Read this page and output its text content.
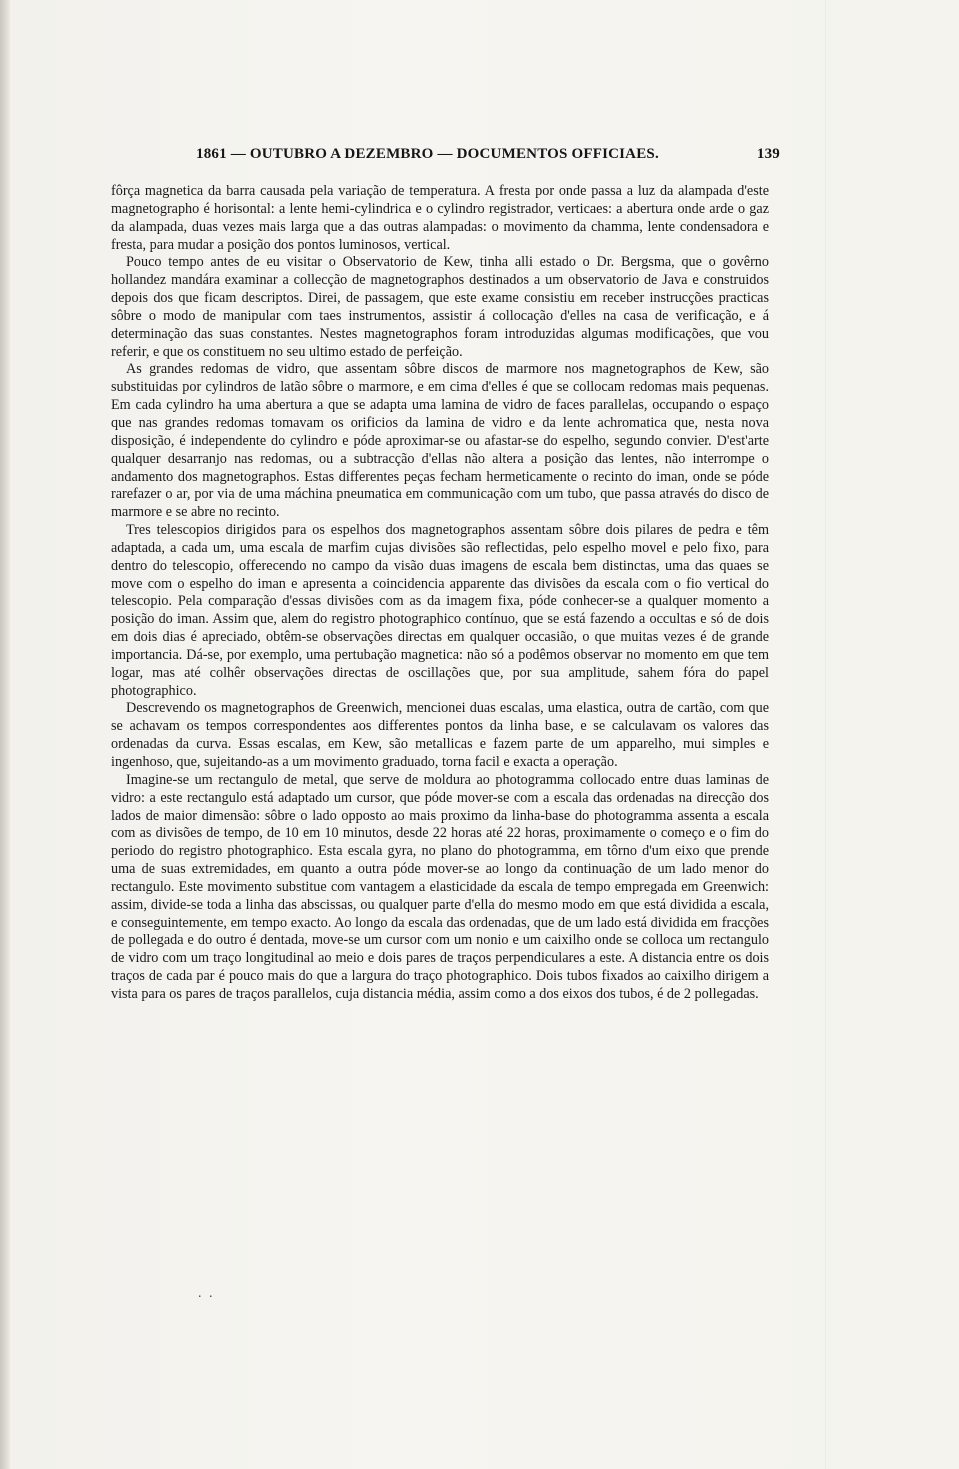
1861 — OUTUBRO A DEZEMBRO — DOCUMENTOS OFFICIAES.	139

fôrça magnetica da barra causada pela variação de temperatura. A fresta por onde passa a luz da alampada d'este magnetographo é horisontal: a lente hemi-cylindrica e o cylindro registrador, verticaes: a abertura onde arde o gaz da alampada, duas vezes mais larga que a das outras alampadas: o movimento da chamma, lente condensadora e fresta, para mudar a posição dos pontos luminosos, vertical.

Pouco tempo antes de eu visitar o Observatorio de Kew, tinha alli estado o Dr. Bergsma, que o govêrno hollandez mandára examinar a collecção de magnetographos destinados a um observatorio de Java e construidos depois dos que ficam descriptos. Direi, de passagem, que este exame consistiu em receber instrucções practicas sôbre o modo de manipular com taes instrumentos, assistir á collocação d'elles na casa de verificação, e á determinação das suas constantes. Nestes magnetographos foram introduzidas algumas modificações, que vou referir, e que os constituem no seu ultimo estado de perfeição.

As grandes redomas de vidro, que assentam sôbre discos de marmore nos magnetographos de Kew, são substituidas por cylindros de latão sôbre o marmore, e em cima d'elles é que se collocam redomas mais pequenas. Em cada cylindro ha uma abertura a que se adapta uma lamina de vidro de faces parallelas, occupando o espaço que nas grandes redomas tomavam os orificios da lamina de vidro e da lente achromatica que, nesta nova disposição, é independente do cylindro e póde aproximar-se ou afastar-se do espelho, segundo convier. D'est'arte qualquer desarranjo nas redomas, ou a subtracção d'ellas não altera a posição das lentes, não interrompe o andamento dos magnetographos. Estas differentes peças fecham hermeticamente o recinto do iman, onde se póde rarefazer o ar, por via de uma máchina pneumatica em communicação com um tubo, que passa através do disco de marmore e se abre no recinto.

Tres telescopios dirigidos para os espelhos dos magnetographos assentam sôbre dois pilares de pedra e têm adaptada, a cada um, uma escala de marfim cujas divisões são reflectidas, pelo espelho movel e pelo fixo, para dentro do telescopio, offerecendo no campo da visão duas imagens de escala bem distinctas, uma das quaes se move com o espelho do iman e apresenta a coincidencia apparente das divisões da escala com o fio vertical do telescopio. Pela comparação d'essas divisões com as da imagem fixa, póde conhecer-se a qualquer momento a posição do iman. Assim que, alem do registro photographico contínuo, que se está fazendo a occultas e só de dois em dois dias é apreciado, obtêm-se observações directas em qualquer occasião, o que muitas vezes é de grande importancia. Dá-se, por exemplo, uma pertubação magnetica: não só a podêmos observar no momento em que tem logar, mas até colhêr observações directas de oscillações que, por sua amplitude, sahem fóra do papel photographico.

Descrevendo os magnetographos de Greenwich, mencionei duas escalas, uma elastica, outra de cartão, com que se achavam os tempos correspondentes aos differentes pontos da linha base, e se calculavam os valores das ordenadas da curva. Essas escalas, em Kew, são metallicas e fazem parte de um apparelho, mui simples e ingenhoso, que, sujeitando-as a um movimento graduado, torna facil e exacta a operação.

Imagine-se um rectangulo de metal, que serve de moldura ao photogramma collocado entre duas laminas de vidro: a este rectangulo está adaptado um cursor, que póde mover-se com a escala das ordenadas na direcção dos lados de maior dimensão: sôbre o lado opposto ao mais proximo da linha-base do photogramma assenta a escala com as divisões de tempo, de 10 em 10 minutos, desde 22 horas até 22 horas, proximamente o começo e o fim do periodo do registro photographico. Esta escala gyra, no plano do photogramma, em tôrno d'um eixo que prende uma de suas extremidades, em quanto a outra póde mover-se ao longo da continuação de um lado menor do rectangulo. Este movimento substitue com vantagem a elasticidade da escala de tempo empregada em Greenwich: assim, divide-se toda a linha das abscissas, ou qualquer parte d'ella do mesmo modo em que está dividida a escala, e conseguintemente, em tempo exacto. Ao longo da escala das ordenadas, que de um lado está dividida em fracções de pollegada e do outro é dentada, move-se um cursor com um nonio e um caixilho onde se colloca um rectangulo de vidro com um traço longitudinal ao meio e dois pares de traços perpendiculares a este. A distancia entre os dois traços de cada par é pouco mais do que a largura do traço photographico. Dois tubos fixados ao caixilho dirigem a vista para os pares de traços parallelos, cuja distancia média, assim como a dos eixos dos tubos, é de 2 pollegadas.

. .
